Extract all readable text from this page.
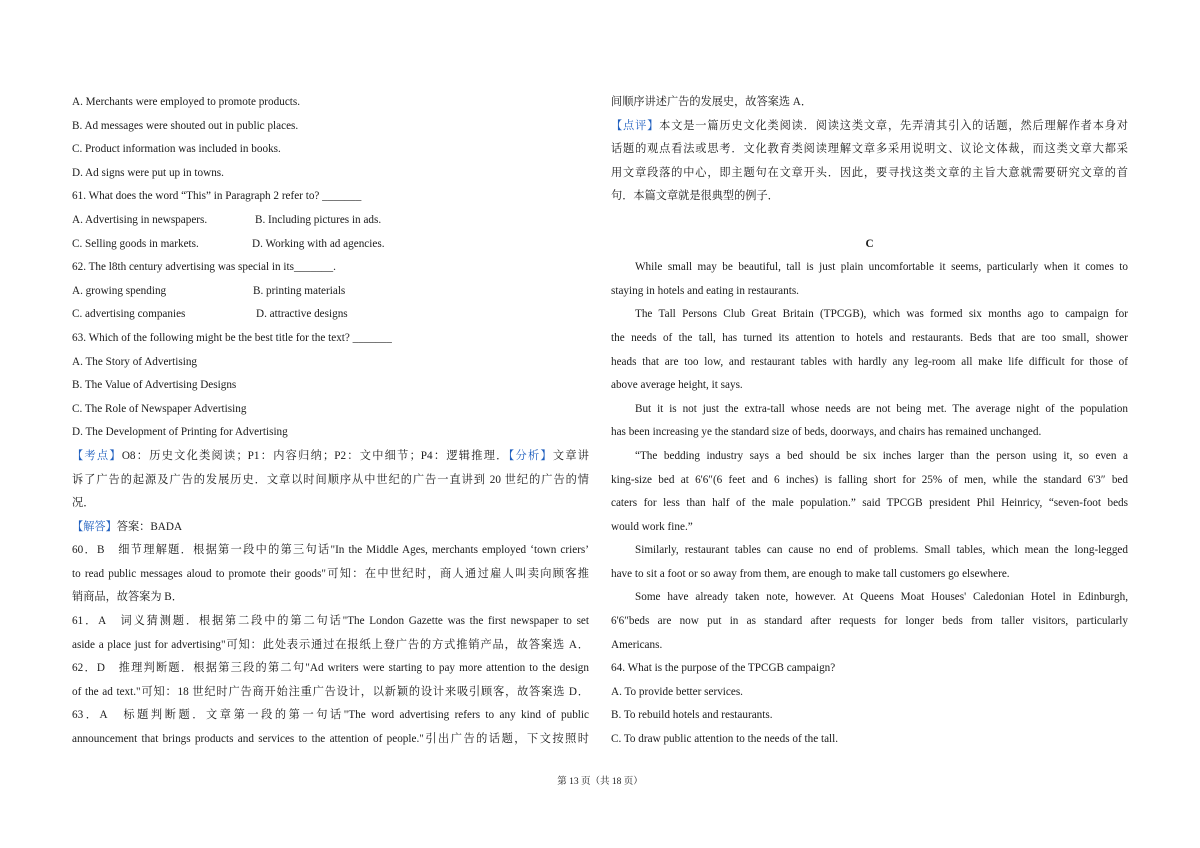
A. Merchants were employed to promote products.
B. Ad messages were shouted out in public places.
C. Product information was included in books.
D. Ad signs were put up in towns.
61. What does the word “This” in Paragraph 2 refer to? _______
A. Advertising in newspapers.	B. Including pictures in ads.
C. Selling goods in markets.	D. Working with ad agencies.
62. The l8th century advertising was special in its_______.
A. growing spending	B. printing materials
C. advertising companies	D. attractive designs
63. Which of the following might be the best title for the text? _______
A. The Story of Advertising
B. The Value of Advertising Designs
C. The Role of Newspaper Advertising
D. The Development of Printing for Advertising
【考点】O8：历史文化类阅读；P1：内容归纳；P2：文中细节；P4：逻辑推理．【分析】文章讲
诉了广告的起源及广告的发展历史．文章以时间顺序从中世纪的广告一直讲到 20 世纪的广告的情
况．
【解答】答案：BADA
60．B　细节理解题．根据第一段中的第三句话"In the Middle Ages, merchants employed ‘town criers’
to read public messages aloud to promote their goods"可知：在中世纪时，商人通过雇人叫卖向顾客推
销商品，故答案为 B．
61．A　词义猜测题．根据第二段中的第二句话"The London Gazette was the first newspaper to set
aside a place just for advertising"可知：此处表示通过在报纸上登广告的方式推销产品，故答案选 A．
62．D　推理判断题．根据第三段的第二句"Ad writers were starting to pay more attention to the design
of the ad text."可知：18 世纪时广告商开始注重广告设计，以新颖的设计来吸引顾客，故答案选 D．
63．A　标题判断题．文章第一段的第一句话"The word advertising refers to any kind of public
announcement that brings products and services to the attention of people."引出广告的话题，下文按照时
间顺序讲述广告的发展史，故答案选 A．
【点评】本文是一篇历史文化类阅读．阅读这类文章，先弄清其引入的话题，然后理解作者本身对
话题的观点看法或思考．文化教育类阅读理解文章多采用说明文、议论文体裁，而这类文章大都采
用文章段落的中心，即主题句在文章开头．因此，要寻找这类文章的主旨大意就需要研究文章的首
句．本篇文章就是很典型的例子．
C
While small may be beautiful, tall is just plain uncomfortable it seems, particularly when it comes to
staying in hotels and eating in restaurants.
The Tall Persons Club Great Britain (TPCGB), which was formed six months ago to campaign for
the needs of the tall, has turned its attention to hotels and restaurants. Beds that are too small, shower
heads that are too low, and restaurant tables with hardly any leg-room all make life difficult for those of
above average height, it says.
But it is not just the extra-tall whose needs are not being met. The average night of the population
has been increasing ye the standard size of beds, doorways, and chairs has remained unchanged.
“The bedding industry says a bed should be six inches larger than the person using it, so even a
king-size bed at 6'6″(6 feet and 6 inches) is falling short for 25% of men, while the standard 6'3″ bed
caters for less than half of the male population.” said TPCGB president Phil Heinricy, “seven-foot beds
would work fine.”
Similarly, restaurant tables can cause no end of problems. Small tables, which mean the long-legged
have to sit a foot or so away from them, are enough to make tall customers go elsewhere.
Some have already taken note, however. At Queens Moat Houses' Caledonian Hotel in Edinburgh,
6'6″beds are now put in as standard after requests for longer beds from taller visitors, particularly
Americans.
64. What is the purpose of the TPCGB campaign?
A. To provide better services.
B. To rebuild hotels and restaurants.
C. To draw public attention to the needs of the tall.
第 13 页（共 18 页）
